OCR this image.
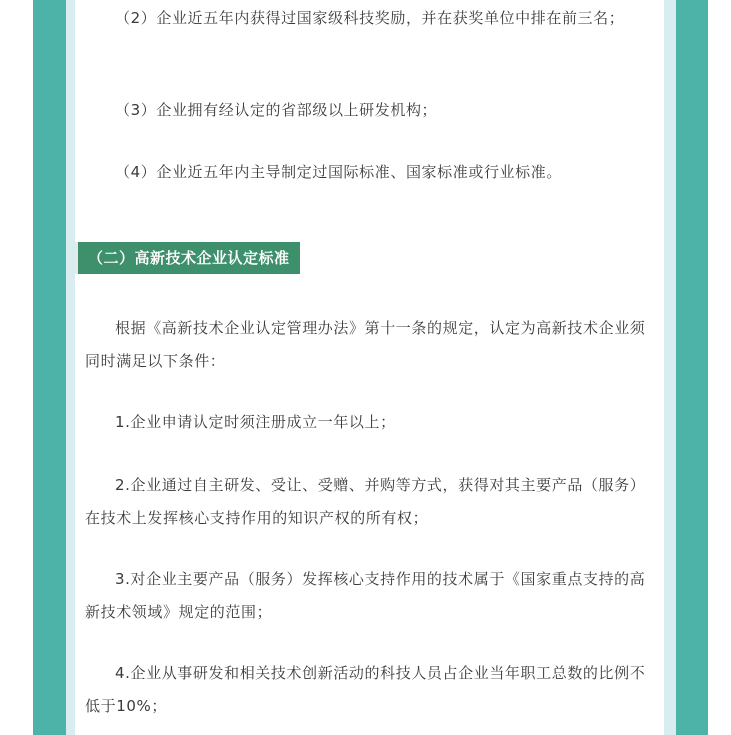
（2）企业近五年内获得过国家级科技奖励，并在获奖单位中排在前三名；

（3）企业拥有经认定的省部级以上研发机构；

（4）企业近五年内主导制定过国际标准、国家标准或行业标准。

（二）高新技术企业认定标准

根据《高新技术企业认定管理办法》第十一条的规定，认定为高新技术企业须同时满足以下条件：

1.企业申请认定时须注册成立一年以上；

2.企业通过自主研发、受让、受赠、并购等方式，获得对其主要产品（服务）在技术上发挥核心支持作用的知识产权的所有权；

3.对企业主要产品（服务）发挥核心支持作用的技术属于《国家重点支持的高新技术领域》规定的范围；

4.企业从事研发和相关技术创新活动的科技人员占企业当年职工总数的比例不低于10%；
